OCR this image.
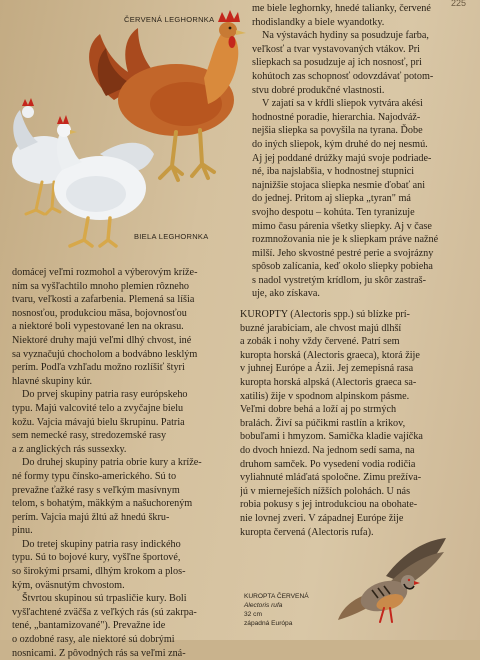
225
ČERVENÁ LEGHORNKA
BIELA LEGHORNKA
me biele leghornky, hnedé talianky, červené
rhodislandky a biele wyandotky.
Na výstavách hydiny sa posudzuje farba,
veľkosť a tvar vystavovaných vtákov. Pri
sliepkach sa posudzuje aj ich nosnosť, pri
kohútoch zas schopnosť odovzdávať potom-
stvu dobré produkčné vlastnosti.
V zajatí sa v kŕdli sliepok vytvára akési
hodnostné poradie, hierarchia. Najodváž-
nejšia sliepka sa povyšila na tyrana. Ďobe
do iných sliepok, kým druhé do nej nesmú.
Aj jej poddané drúžky majú svoje podriade-
né, iba najslabšia, v hodnostnej stupnici
najnižšie stojaca sliepka nesmie ďobať ani
do jednej. Pritom aj sliepka „tyran" má
svojho despotu – kohúta. Ten tyranizuje
mimo času párenia všetky sliepky. Aj v čase
rozmnožovania nie je k sliepkam práve nažné
milší. Jeho skvostné pestré perie a svojrázny
spôsob zalícania, keď okolo sliepky pobieha
s nadol vystretým krídlom, ju skôr zastraš-
uje, ako získava.
KUROPTY (Alectoris spp.) sú blízke prí-
buzné jarabiciam, ale chvost majú dlhší
a zobák i nohy vždy červené. Patrí sem
kuropta horská (Alectoris graeca), ktorá žije
v juhnej Európe a Ázii. Jej zemepisná rasa
kuropta horská alpská (Alectoris graeca sa-
xatilis) žije v spodnom alpinskom pásme.
Veľmi dobre behá a loží aj po strmých
bralách. Živí sa púčikmi rastlín a krikov,
bobuľami i hmyzom. Samička kladie vajíčka
do dvoch hniezd. Na jednom sedí sama, na
druhom samček. Po vysedení vodia rodičia
vyliahnuté mláďatá spoločne. Zimu prežíva-
jú v mierneješích nížších polohách. U nás
robia pokusy s jej introdukciou na obohate-
nie lovnej zveri. V západnej Európe žije
kuropta červená (Alectoris rufa).
domácej veľmi rozmohol a výberovým kríže-
ním sa vyšľachtilo mnoho plemien rôzneho
tvaru, veľkosti a zafarbenia. Plemená sa líšia
nosnosťou, produkciou mäsa, bojovnosťou
a niektoré boli vypestované len na okrasu.
Niektoré druhy majú veľmi dlhý chvost, iné
sa vyznačujú chocholom a bodvábno lesklým
perím. Podľa vzhľadu možno rozlíšiť štyri
hlavné skupiny kúr.
Do prvej skupiny patria rasy európskeho
typu. Majú valcovité telo a zvyčajne bielu
kožu. Vajcia mávajú bielu škrupinu. Patria
sem nemecké rasy, stredozemské rasy
a z anglických rás sussexky.
Do druhej skupiny patria obrie kury a kríže-
né formy typu čínsko-amerického. Sú to
prevažne ťažké rasy s veľkým masívnym
telom, s bohatým, mäkkým a našuchoreným
perím. Vajcia majú žltú až hnedú škru-
pinu.
Do tretej skupiny patria rasy indického
typu. Sú to bojové kury, vyšľne športové,
so širokými prsami, dlhým krokom a plos-
kým, oväsnutým chvostom.
Štvrtou skupinou sú trpasličie kury. Boli
vyšľachtené zväčša z veľkých rás (sú zakrpa-
tené, „bantamizované"). Prevažne ide
o ozdobné rasy, ale niektoré sú dobrými
nosnicami. Z pôvodných rás sa veľmi zná-
KUROPTA ČERVENÁ
Alectoris rufa
32 cm
západná Európa
